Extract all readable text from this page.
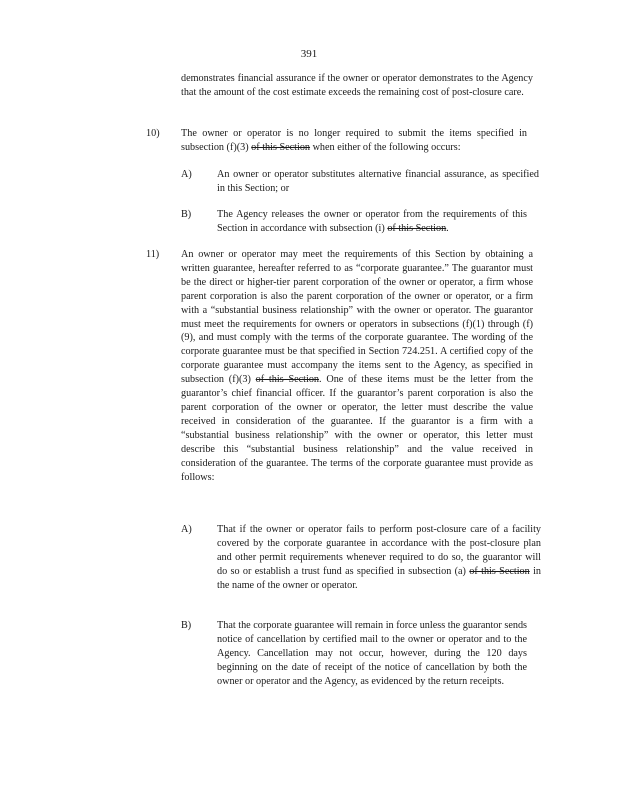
391
demonstrates financial assurance if the owner or operator demonstrates to the Agency that the amount of the cost estimate exceeds the remaining cost of post-closure care.
10) The owner or operator is no longer required to submit the items specified in subsection (f)(3) of this Section when either of the following occurs:
A) An owner or operator substitutes alternative financial assurance, as specified in this Section; or
B)	The Agency releases the owner or operator from the requirements of this Section in accordance with subsection (i) of this Section.
11) An owner or operator may meet the requirements of this Section by obtaining a written guarantee, hereafter referred to as “corporate guarantee.” The guarantor must be the direct or higher-tier parent corporation of the owner or operator, a firm whose parent corporation is also the parent corporation of the owner or operator, or a firm with a “substantial business relationship” with the owner or operator. The guarantor must meet the requirements for owners or operators in subsections (f)(1) through (f)(9), and must comply with the terms of the corporate guarantee. The wording of the corporate guarantee must be that specified in Section 724.251. A certified copy of the corporate guarantee must accompany the items sent to the Agency, as specified in subsection (f)(3) of this Section. One of these items must be the letter from the guarantor’s chief financial officer. If the guarantor’s parent corporation is also the parent corporation of the owner or operator, the letter must describe the value received in consideration of the guarantee. If the guarantor is a firm with a “substantial business relationship” with the owner or operator, this letter must describe this “substantial business relationship” and the value received in consideration of the guarantee. The terms of the corporate guarantee must provide as follows:
A) That if the owner or operator fails to perform post-closure care of a facility covered by the corporate guarantee in accordance with the post-closure plan and other permit requirements whenever required to do so, the guarantor will do so or establish a trust fund as specified in subsection (a) of this Section in the name of the owner or operator.
B)	That the corporate guarantee will remain in force unless the guarantor sends notice of cancellation by certified mail to the owner or operator and to the Agency. Cancellation may not occur, however, during the 120 days beginning on the date of receipt of the notice of cancellation by both the owner or operator and the Agency, as evidenced by the return receipts.
